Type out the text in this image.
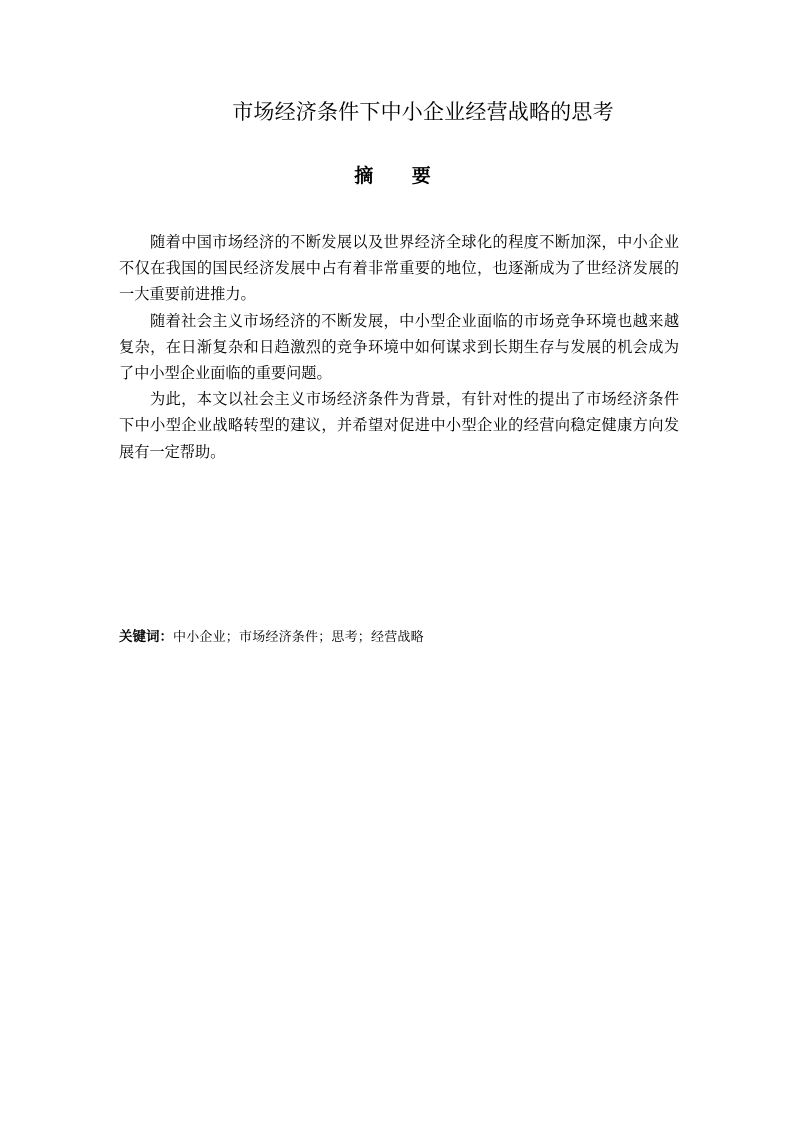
市场经济条件下中小企业经营战略的思考
摘 要

随着中国市场经济的不断发展以及世界经济全球化的程度不断加深，中小企业不仅在我国的国民经济发展中占有着非常重要的地位，也逐渐成为了世经济发展的一大重要前进推力。

随着社会主义市场经济的不断发展，中小型企业面临的市场竞争环境也越来越复杂，在日渐复杂和日趋激烈的竞争环境中如何谋求到长期生存与发展的机会成为了中小型企业面临的重要问题。

为此，本文以社会主义市场经济条件为背景，有针对性的提出了市场经济条件下中小型企业战略转型的建议，并希望对促进中小型企业的经营向稳定健康方向发展有一定帮助。

关键词：中小企业；市场经济条件；思考；经营战略
